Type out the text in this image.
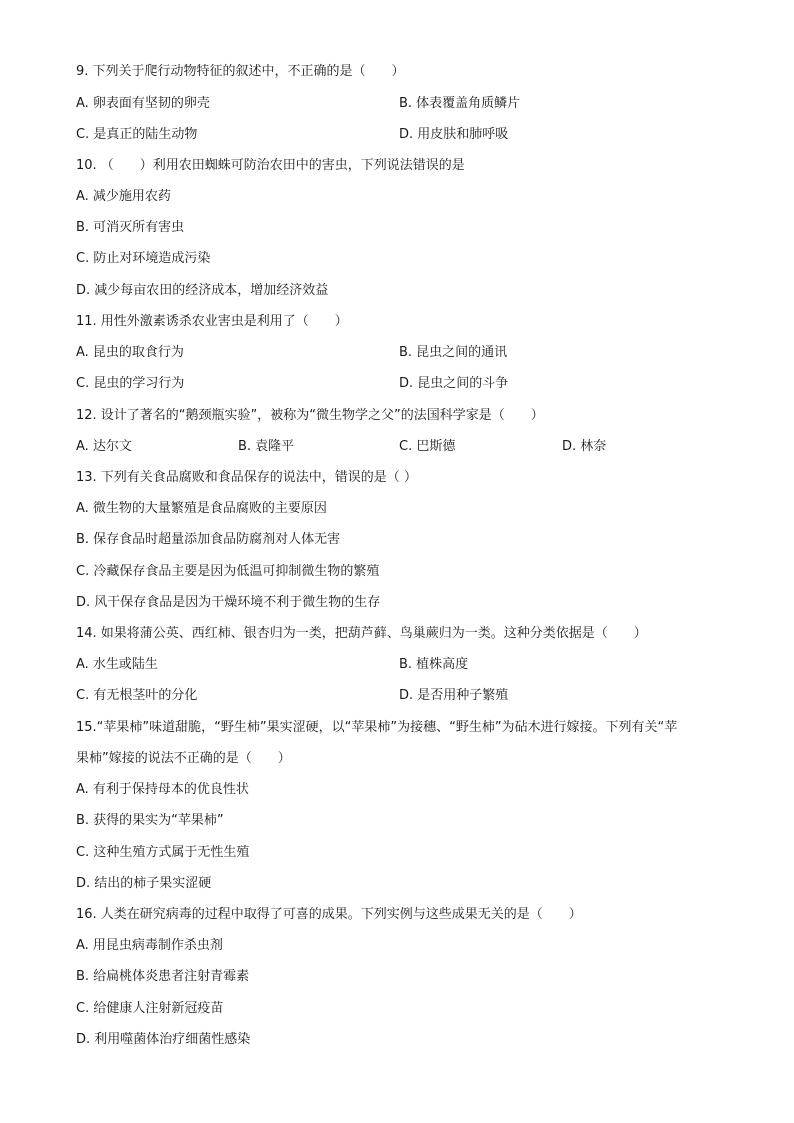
9. 下列关于爬行动物特征的叙述中，不正确的是（　　）
A. 卵表面有坚韧的卵壳	B. 体表覆盖角质鳞片
C. 是真正的陆生动物	D. 用皮肤和肺呼吸
10. （　　）利用农田蜘蛛可防治农田中的害虫，下列说法错误的是
A. 减少施用农药
B. 可消灭所有害虫
C. 防止对环境造成污染
D. 减少每亩农田的经济成本，增加经济效益
11. 用性外激素诱杀农业害虫是利用了（　　）
A. 昆虫的取食行为	B. 昆虫之间的通讯
C. 昆虫的学习行为	D. 昆虫之间的斗争
12. 设计了著名的“鹅颈瓶实验”，被称为“微生物学之父”的法国科学家是（　　）
A. 达尔文	B. 袁隆平	C. 巴斯德	D. 林奈
13. 下列有关食品腐败和食品保存的说法中，错误的是（ ）
A. 微生物的大量繁殖是食品腐败的主要原因
B. 保存食品时超量添加食品防腐剂对人体无害
C. 冷藏保存食品主要是因为低温可抑制微生物的繁殖
D. 风干保存食品是因为干燥环境不利于微生物的生存
14. 如果将蒲公英、西红柿、银杏归为一类，把葫芦藓、鸟巢蕨归为一类。这种分类依据是（　　）
A. 水生或陆生	B. 植株高度
C. 有无根茎叶的分化	D. 是否用种子繁殖
15.“苹果柿”味道甜脆，“野生柿”果实涩硬，以“苹果柿”为接穗、“野生柿”为砧木进行嫁接。下列有关“苹
果柿”嫁接的说法不正确的是（　　）
A. 有利于保持母本的优良性状
B. 获得的果实为“苹果柿”
C. 这种生殖方式属于无性生殖
D. 结出的柿子果实涩硬
16. 人类在研究病毒的过程中取得了可喜的成果。下列实例与这些成果无关的是（　　）
A. 用昆虫病毒制作杀虫剂
B. 给扁桃体炎患者注射青霉素
C. 给健康人注射新冠疫苗
D. 利用噬菌体治疗细菌性感染
